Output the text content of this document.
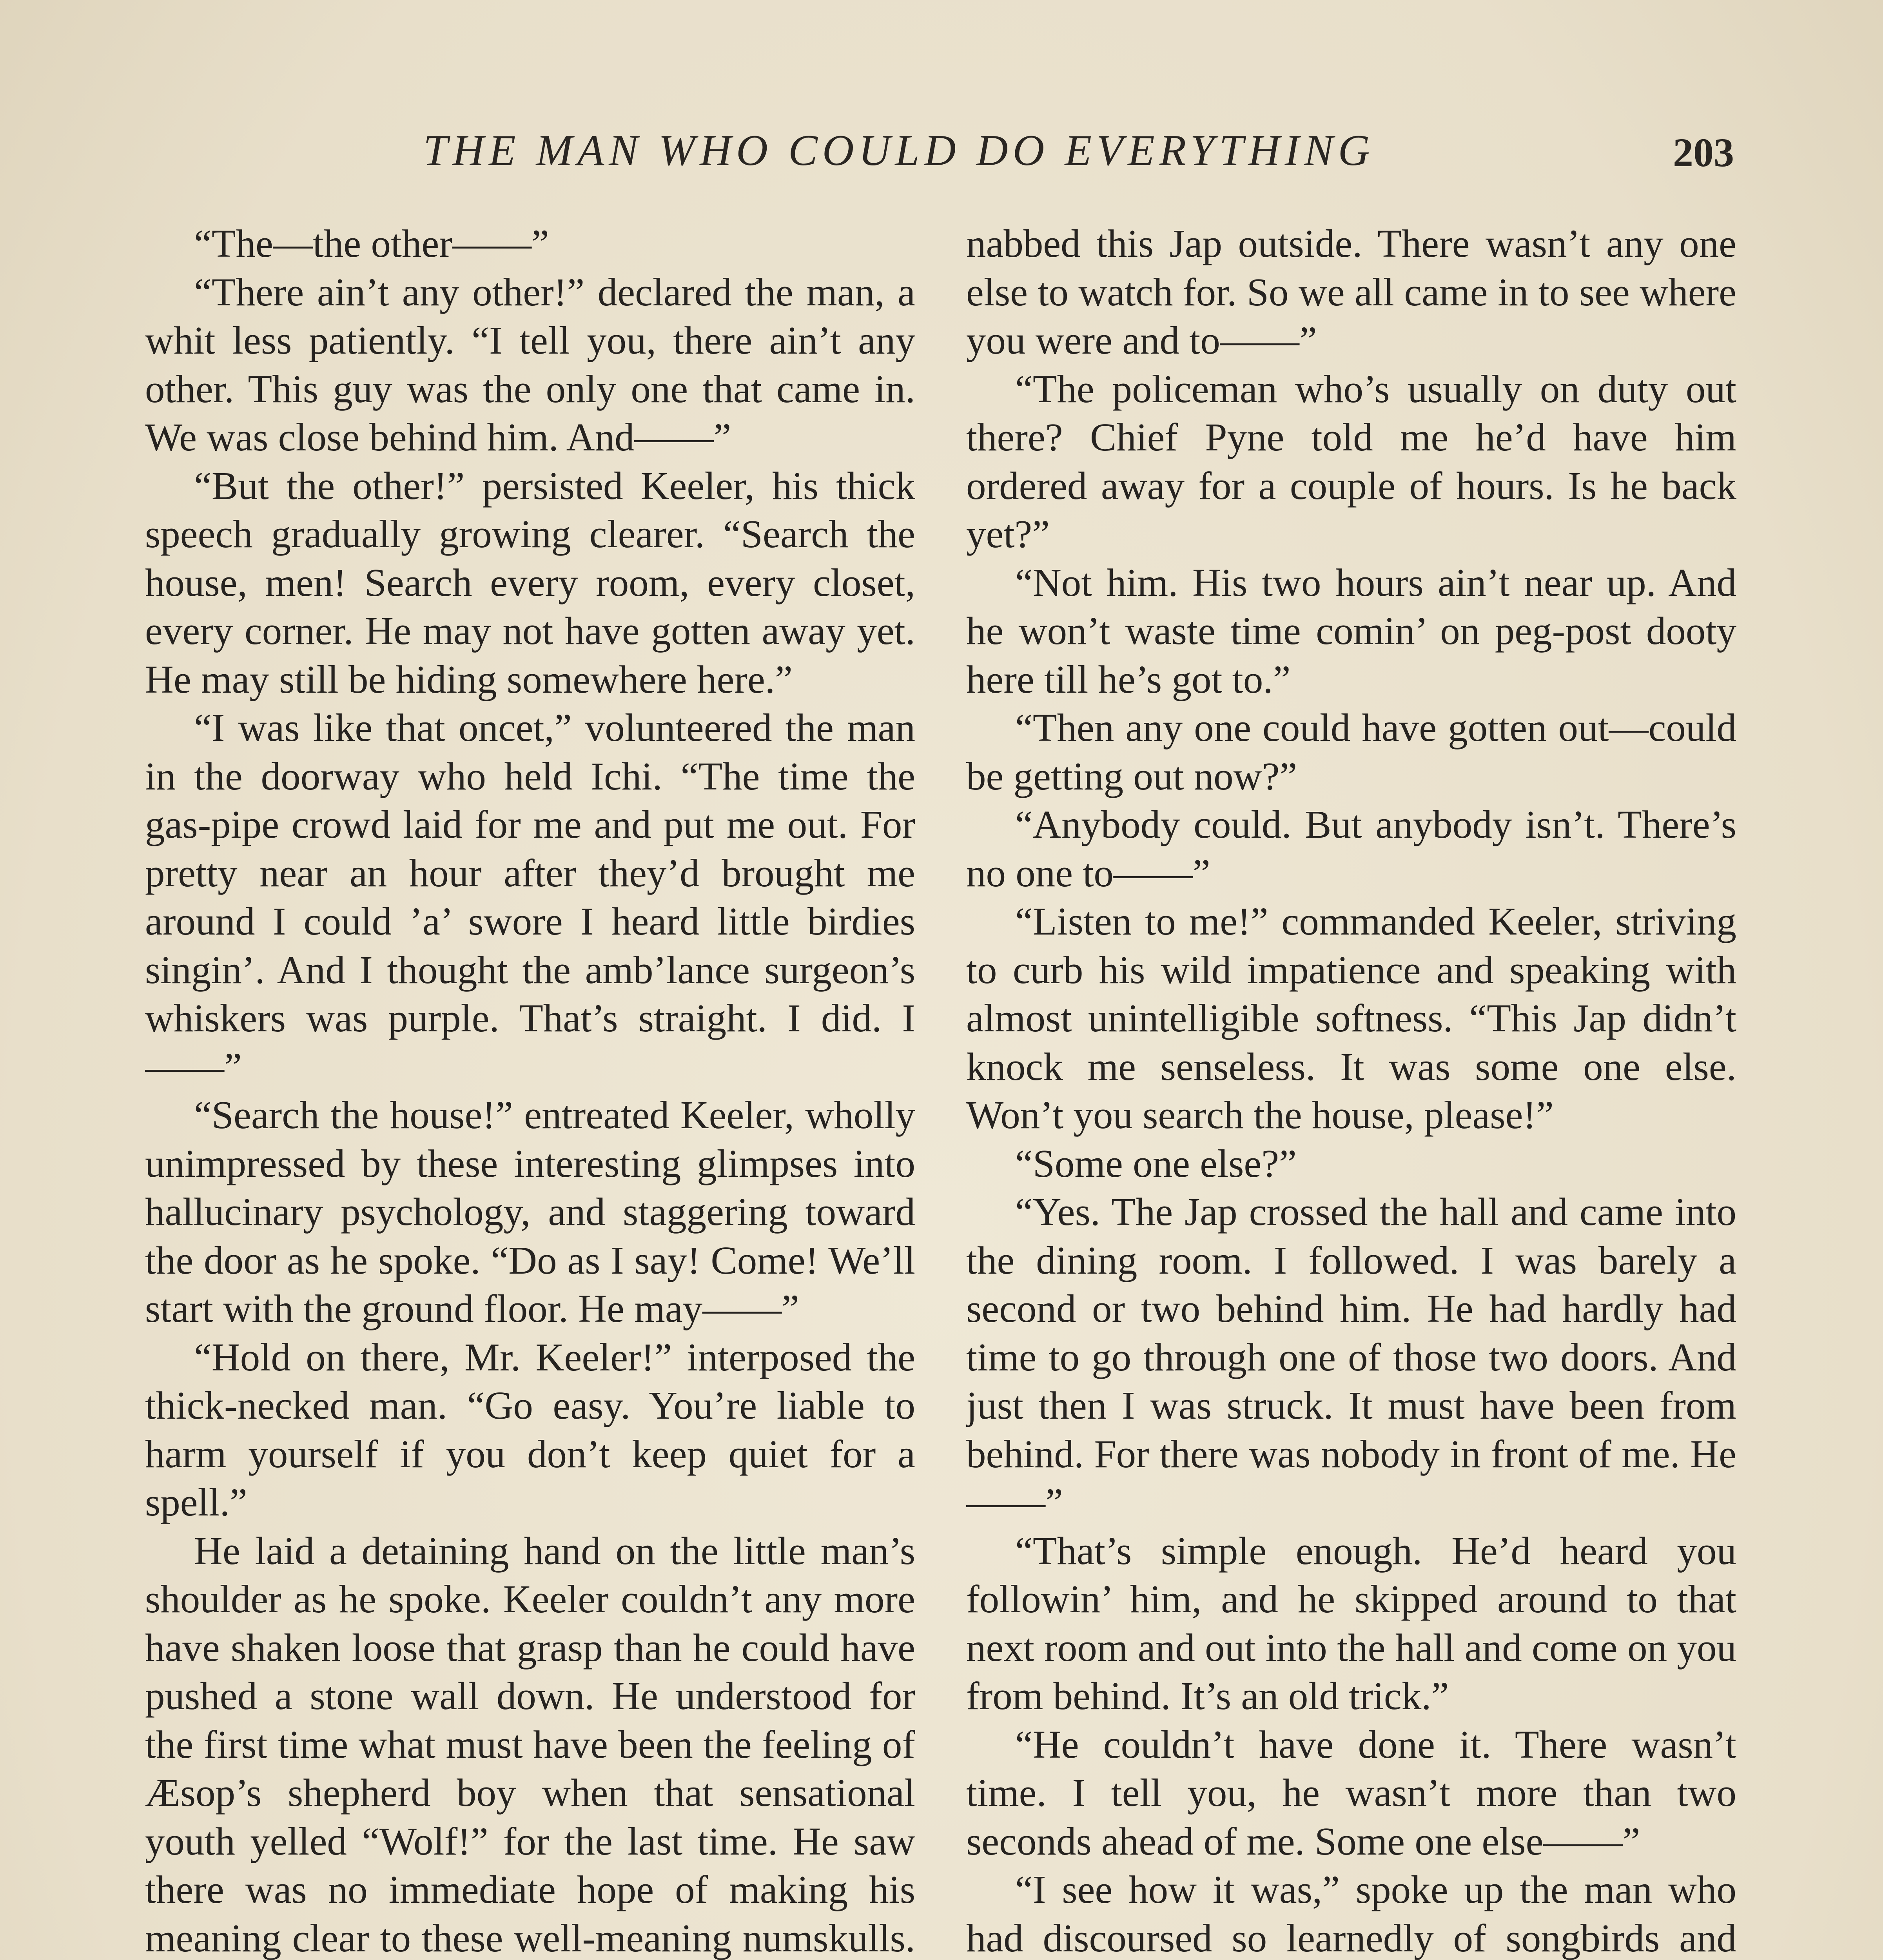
THE MAN WHO COULD DO EVERYTHING	203

“The—the other——”

“There ain’t any other!” declared the man, a whit less patiently. “I tell you, there ain’t any other. This guy was the only one that came in. We was close behind him. And——”

“But the other!” persisted Keeler, his thick speech gradually growing clearer. “Search the house, men! Search every room, every closet, every corner. He may not have gotten away yet. He may still be hiding somewhere here.”

“I was like that oncet,” volunteered the man in the doorway who held Ichi. “The time the gas-pipe crowd laid for me and put me out. For pretty near an hour after they’d brought me around I could ’a’ swore I heard little birdies singin’. And I thought the amb’lance surgeon’s whiskers was purple. That’s straight. I did. I——”

“Search the house!” entreated Keeler, wholly unimpressed by these interesting glimpses into hallucinary psychology, and staggering toward the door as he spoke. “Do as I say! Come! We’ll start with the ground floor. He may——”

“Hold on there, Mr. Keeler!” interposed the thick-necked man. “Go easy. You’re liable to harm yourself if you don’t keep quiet for a spell.”

He laid a detaining hand on the little man’s shoulder as he spoke. Keeler couldn’t any more have shaken loose that grasp than he could have pushed a stone wall down. He understood for the first time what must have been the feeling of Æsop’s shepherd boy when that sensational youth yelled “Wolf!” for the last time. He saw there was no immediate hope of making his meaning clear to these well-meaning numskulls.

nabbed this Jap outside. There wasn’t any one else to watch for. So we all came in to see where you were and to——”

“The policeman who’s usually on duty out there? Chief Pyne told me he’d have him ordered away for a couple of hours. Is he back yet?”

“Not him. His two hours ain’t near up. And he won’t waste time comin’ on peg-post dooty here till he’s got to.”

“Then any one could have gotten out—could be getting out now?”

“Anybody could. But anybody isn’t. There’s no one to——”

“Listen to me!” commanded Keeler, striving to curb his wild impatience and speaking with almost unintelligible softness. “This Jap didn’t knock me senseless. It was some one else. Won’t you search the house, please!”

“Some one else?”

“Yes. The Jap crossed the hall and came into the dining room. I followed. I was barely a second or two behind him. He had hardly had time to go through one of those two doors. And just then I was struck. It must have been from behind. For there was nobody in front of me. He——”

“That’s simple enough. He’d heard you followin’ him, and he skipped around to that next room and out into the hall and come on you from behind. It’s an old trick.”

“He couldn’t have done it. There wasn’t time. I tell you, he wasn’t more than two seconds ahead of me. Some one else——”

“I see how it was,” spoke up the man who had discoursed so learnedly of songbirds and
